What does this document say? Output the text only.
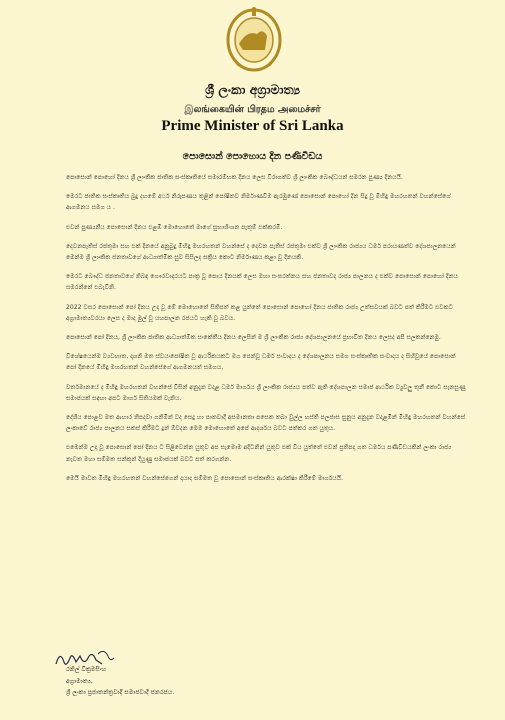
ශ්‍රී ලංකා අග්‍රාමාත්‍ය
இலங்கையின் பிரதம அமைச்சர்
Prime Minister of Sri Lanka
පොසොන් පොහොය දින පණිවිඩය

පොසොන් පොහෝ දිනය ශ්‍රී ලාංකික ජාතික සංස්කෘතියේ සමාරම්භක දිනය ලෙස විරාගත්ව ශ්‍රී ලාංකික බෞද්ධයන් සමරන පුණ්‍ය දිනයයි.

මෙරට ජාතික සංස්කෘතිය බුදු දහමේ අර්ථ නිරූපණය තුළින් පෝෂිතව නිර්මාණවීම ඇරඹුණේ පොසොන් පොහෝ දින සිදු වූ මිහිඳු මහරහතන් වහන්සේගේ ආගමනය සමග ය .

එවන් පුණ්‍යනීය පොසොන් දිනය එළඹී මොහොතේ මාගේ සුභාශිංශන පැතුම් එක්කරමි.

දෙවනපෑතිස් රජතුමා සහ එක් දිනයේ අනුබුදු මිහිඳු මහරහතන් වහන්සේ ද දෙවන පැතිස් රජතුමා එක්ව ශ්‍රී ලාංකික රාජ්‍යය ධර්ම පරායණත්ව දේශපාලනයෙන් මෙන්ම ශ්‍රී ලාංකික ජනතාවගේ ආධ්‍යාත්මික සුව සිසිලද සක්‍රිය කොට නිර්මාණය කළා වූ දිනයකි.

මෙරට බෞද්ධ ජනතාවගේ නිබඳ ගෞරවාදරයට පාත්‍ර වූ පොය දිනයක් ලෙස මහා සංඝරත්නය සහ ජනතාවද රාජ්‍ය පාලනය ද එක්ව පොසොන් පොහෝ දිනය සමරන්නේ එබැවිනි.

2022 වසර පොසොන් පෝ දිනය උදා වූ මේ මොහොතේ සිතිපත් කළ යුත්තේ පොසොන් පොහෝ දිනය ජාතික රාජ්‍ය උත්සවයක් බවට පත් කිරීමට එවකට අග්‍රාමාත්‍යවරයා ලෙස ද මාද මුල් වූ යහපාලන රජයට හැකි වූ බවය.

පොසොන් පෝ දිනය, ශ්‍රී ලාංකික ජාතික ආධ්‍යාත්මික සංකේතීය දිනය ලෙසින් ම ශ්‍රී ලාංකික රාජ්‍ය දේශපාලනයේ ප්‍රභාවිත දිනය ලෙසද අපි සලකන්නෙමු.

විශේෂයෙන්ම ව්‍යවහාත, දාශනි මත ස්වයංපෝෂිත වූ ආර්ථිකයකට මග පෙන්වූ ධර්ම සංවාදය ද දේශපාලනය සමග සංස්කෘතික සංවාදය ද සිහිවූයේ පොසොන් පෝ දිනයේ මිහිඳු මහරහතන් වහන්සේගේ ආගමනයත් සමගය.

වර්තමානයේ ද මිහිඳු මහරහතන් වහන්සේ විසින් අනුදැන වදාළ ධර්ම මාර්ගය ශ්‍රී ලාංකික රාජ්‍යය පත්ව ඇති දේශපාලන සමාජ ආර්ථික ව්‍යුවලු තුනී කොට සැනසුණු සමාජයක් සඳහා අපට මාර්ග සිතියමක් වැනිය.

දේශීය පොළව මත ආහාර නිපදවා ගනිමින් වද සෙදු හා පාතවාදී අසමානතා පසෙක තබා වුල්ල හස්ති පලජාස සුනුය අනුදැන වදාළමින් මිහිඳු මහරහතන් වහන්සේ ලංකාවේ රාජ්‍ය පාලනය සකස් කිරීමට දුන් ඕවදන මෙම මොහොතේ අපේ ආදර්ශය බවට පත්කර ගත යුතුය.

එමෙන්ම උදා වූ පොසොන් පෝ දිනය ට සිළිවෙන්න යුතුව අප සැමොම අදිටනින් යුතුව එක් වීය යුත්තේ එවන් ප්‍රතිපදා ගත ධර්මය පණිවිඩයකින් ලංකා රාජ්‍ය නැවත මහා සම්මත සන්කුන් දියුණු සමාජයක් බවට පත් කරගන්න.

මෙයි මාවත මිහිඳු මහරහතන් වහන්සේගෙන් දායාද සම්මත වූ පොසොන් සංස්කෘතිය ආරක්ෂා කිරීමේ මාර්ගයයි.

රනිල් වික්‍රමසිංහ
අග්‍රාමාත්‍ය,
ශ්‍රී ලංකා ප්‍රජාතන්ත්‍රවාදී සමාජවාදී ජනරජය.
